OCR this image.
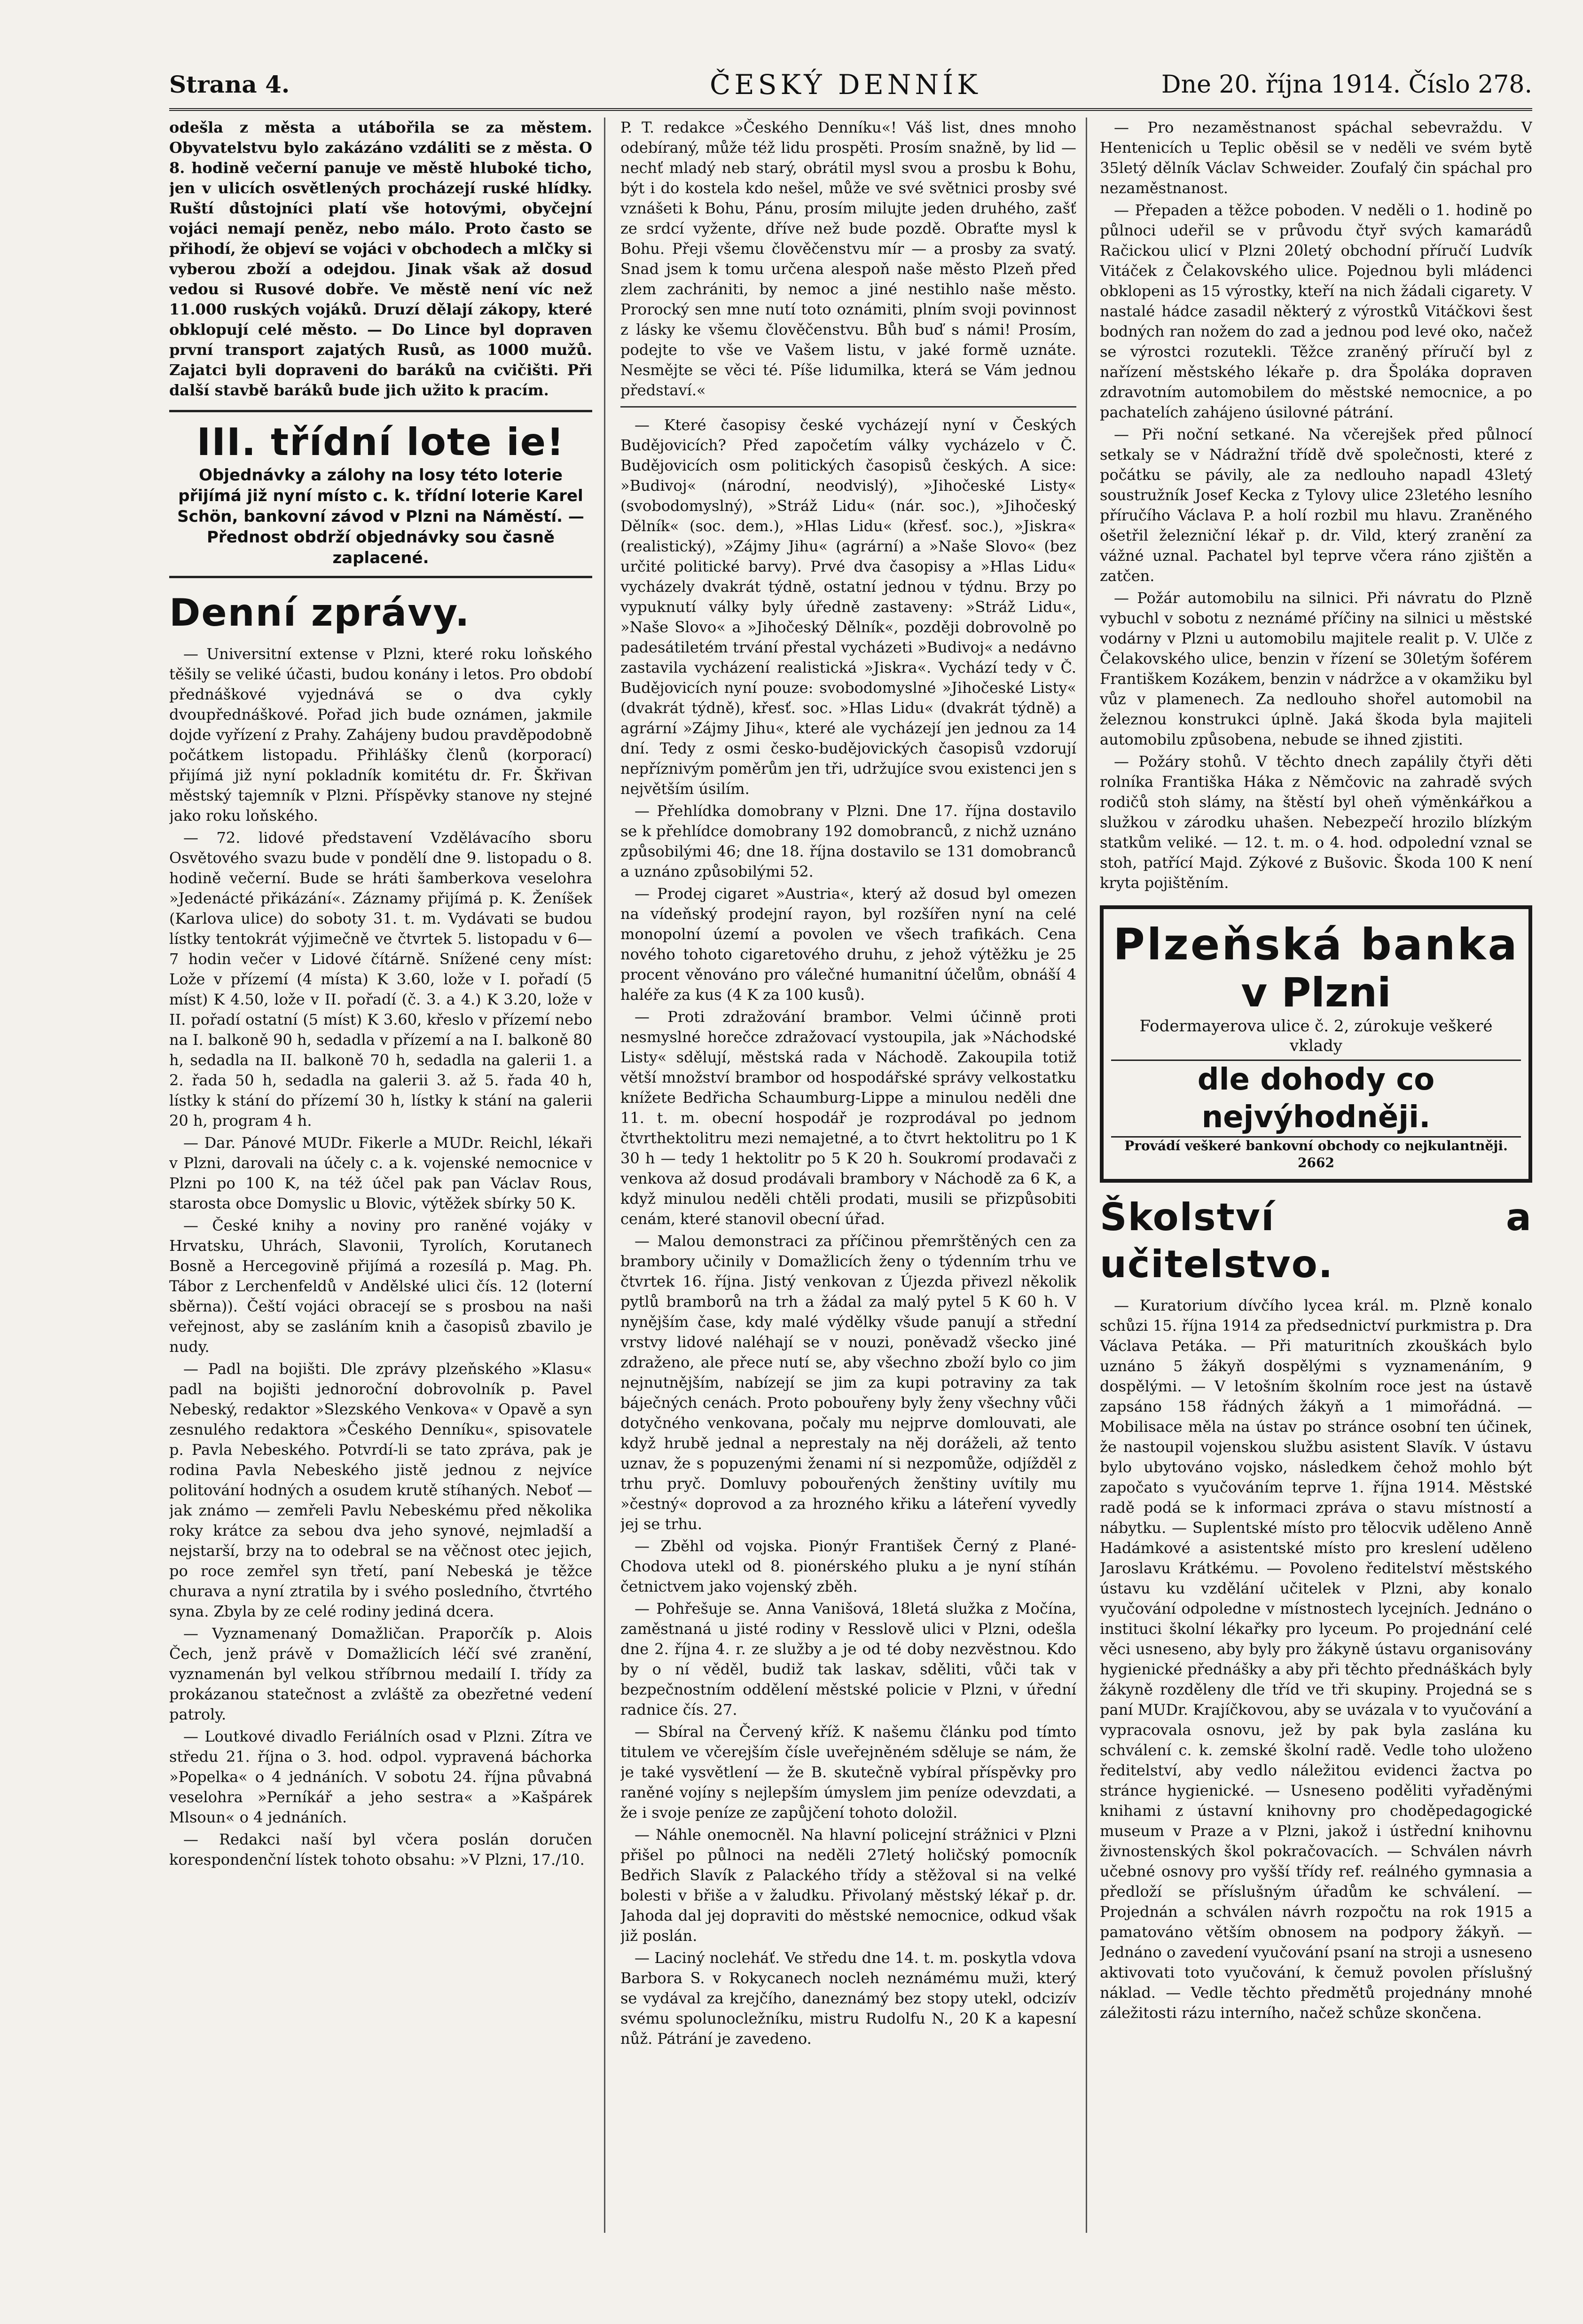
Strana 4.	ČESKÝ DENNÍK	Dne 20. října 1914. Číslo 278.

odešla z města a utábořila se za městem. Obyvatelstvu bylo zakázáno vzdáliti se z města. O 8. hodině večerní panuje ve městě hluboké ticho, jen v ulicích osvětlených procházejí ruské hlídky. Ruští důstojníci platí vše hotovými, obyčejní vojáci nemají peněz, nebo málo. Proto často se přihodí, že objeví se vojáci v obchodech a mlčky si vyberou zboží a odejdou. Jinak však až dosud vedou si Rusové dobře. Ve městě není víc než 11.000 ruských vojáků. Druzí dělají zákopy, které obklopují celé město. — Do Lince byl dopraven první transport zajatých Rusů, as 1000 mužů. Zajatci byli dopraveni do baráků na cvičišti. Při další stavbě baráků bude jich užito k pracím.

III. třídní lote ie!
Objednávky a zálohy na losy této loterie přijímá již nyní místo c. k. třídní loterie Karel Schön, bankovní závod v Plzni na Náměstí. — Přednost obdrží objednávky sou časně zaplacené.
Denní zprávy.

— Universitní extense v Plzni, které roku loňského těšily se veliké účasti, budou konány i letos. Pro období přednáškové vyjednává se o dva cykly dvoupřednáškové. Pořad jich bude oznámen, jakmile dojde vyřízení z Prahy. Zahájeny budou pravděpodobně počátkem listopadu. Přihlášky členů (korporací) přijímá již nyní pokladník komitétu dr. Fr. Škřivan městský tajemník v Plzni. Příspěvky stanove ny stejné jako roku loňského.

— 72. lidové představení Vzdělávacího sboru Osvětového svazu bude v pondělí dne 9. listopadu o 8. hodině večerní. Bude se hráti šamberkova veselohra »Jedenácté přikázání«. Záznamy přijímá p. K. Ženíšek (Karlova ulice) do soboty 31. t. m. Vydávati se budou lístky tentokrát výjimečně ve čtvrtek 5. listopadu v 6—7 hodin večer v Lidové čítárně. Snížené ceny míst: Lože v přízemí (4 místa) K 3.60, lože v I. pořadí (5 míst) K 4.50, lože v II. pořadí (č. 3. a 4.) K 3.20, lože v II. pořadí ostatní (5 míst) K 3.60, křeslo v přízemí nebo na I. balkoně 90 h, sedadla v přízemí a na I. balkoně 80 h, sedadla na II. balkoně 70 h, sedadla na galerii 1. a 2. řada 50 h, sedadla na galerii 3. až 5. řada 40 h, lístky k stání do přízemí 30 h, lístky k stání na galerii 20 h, program 4 h.

— Dar. Pánové MUDr. Fikerle a MUDr. Reichl, lékaři v Plzni, darovali na účely c. a k. vojenské nemocnice v Plzni po 100 K, na též účel pak pan Václav Rous, starosta obce Domyslic u Blovic, výtěžek sbírky 50 K.

— České knihy a noviny pro raněné vojáky v Hrvatsku, Uhrách, Slavonii, Tyrolích, Korutanech Bosně a Hercegovině přijímá a rozesílá p. Mag. Ph. Tábor z Lerchenfeldů v Andělské ulici čís. 12 (loterní sběrna)). Čeští vojáci obracejí se s prosbou na naši veřejnost, aby se zasláním knih a časopisů zbavilo je nudy.

— Padl na bojišti. Dle zprávy plzeňského »Klasu« padl na bojišti jednoroční dobrovolník p. Pavel Nebeský, redaktor »Slezského Venkova« v Opavě a syn zesnulého redaktora »Českého Denníku«, spisovatele p. Pavla Nebeského. Potvrdí-li se tato zpráva, pak je rodina Pavla Nebeského jistě jednou z nejvíce politování hodných a osudem krutě stíhaných. Neboť — jak známo — zemřeli Pavlu Nebeskému před několika roky krátce za sebou dva jeho synové, nejmladší a nejstarší, brzy na to odebral se na věčnost otec jejich, po roce zemřel syn třetí, paní Nebeská je těžce churava a nyní ztratila by i svého posledního, čtvrtého syna. Zbyla by ze celé rodiny jediná dcera.

— Vyznamenaný Domažličan. Praporčík p. Alois Čech, jenž právě v Domažlicích léčí své zranění, vyznamenán byl velkou stříbrnou medailí I. třídy za prokázanou statečnost a zvláště za obezřetné vedení patroly.

— Loutkové divadlo Feriálních osad v Plzni. Zítra ve středu 21. října o 3. hod. odpol. vypravená báchorka »Popelka« o 4 jednáních. V sobotu 24. října půvabná veselohra »Perníkář a jeho sestra« a »Kašpárek Mlsoun« o 4 jednáních.

— Redakci naší byl včera poslán doručen korespondenční lístek tohoto obsahu: »V Plzni, 17./10.

P. T. redakce »Českého Denníku«! Váš list, dnes mnoho odebíraný, může též lidu prospěti. Prosím snažně, by lid — nechť mladý neb starý, obrátil mysl svou a prosbu k Bohu, být i do kostela kdo nešel, může ve své světnici prosby své vznášeti k Bohu, Pánu, prosím milujte jeden druhého, zašť ze srdcí vyžente, dříve než bude pozdě. Obraťte mysl k Bohu. Přeji všemu člověčenstvu mír — a prosby za svatý. Snad jsem k tomu určena alespoň naše město Plzeň před zlem zachrániti, by nemoc a jiné nestihlo naše město. Prorocký sen mne nutí toto oznámiti, plním svoji povinnost z lásky ke všemu člověčenstvu. Bůh buď s námi! Prosím, podejte to vše ve Vašem listu, v jaké formě uznáte. Nesmějte se věci té. Píše lidumilka, která se Vám jednou představí.«

— Které časopisy české vycházejí nyní v Českých Budějovicích? Před započetím války vycházelo v Č. Budějovicích osm politických časopisů českých. A sice: »Budivoj« (národní, neodvislý), »Jihočeské Listy« (svobodomyslný), »Stráž Lidu« (nár. soc.), »Jihočeský Dělník« (soc. dem.), »Hlas Lidu« (křesť. soc.), »Jiskra« (realistický), »Zájmy Jihu« (agrární) a »Naše Slovo« (bez určité politické barvy). Prvé dva časopisy a »Hlas Lidu« vycházely dvakrát týdně, ostatní jednou v týdnu. Brzy po vypuknutí války byly úředně zastaveny: »Stráž Lidu«, »Naše Slovo« a »Jihočeský Dělník«, později dobrovolně po padesátiletém trvání přestal vycházeti »Budivoj« a nedávno zastavila vycházení realistická »Jiskra«. Vychází tedy v Č. Budějovicích nyní pouze: svobodomyslné »Jihočeské Listy« (dvakrát týdně), křesť. soc. »Hlas Lidu« (dvakrát týdně) a agrární »Zájmy Jihu«, které ale vycházejí jen jednou za 14 dní. Tedy z osmi česko-budějovických časopisů vzdorují nepříznivým poměrům jen tři, udržujíce svou existenci jen s největším úsilím.

— Přehlídka domobrany v Plzni. Dne 17. října dostavilo se k přehlídce domobrany 192 domobranců, z nichž uznáno způsobilými 46; dne 18. října dostavilo se 131 domobranců a uznáno způsobilými 52.

— Prodej cigaret »Austria«, který až dosud byl omezen na vídeňský prodejní rayon, byl rozšířen nyní na celé monopolní území a povolen ve všech trafikách. Cena nového tohoto cigaretového druhu, z jehož výtěžku je 25 procent věnováno pro válečné humanitní účelům, obnáší 4 haléře za kus (4 K za 100 kusů).

— Proti zdražování brambor. Velmi účinně proti nesmyslné horečce zdražovací vystoupila, jak »Náchodské Listy« sdělují, městská rada v Náchodě. Zakoupila totiž větší množství brambor od hospodářské správy velkostatku knížete Bedřicha Schaumburg-Lippe a minulou neděli dne 11. t. m. obecní hospodář je rozprodával po jednom čtvrthektolitru mezi nemajetné, a to čtvrt hektolitru po 1 K 30 h — tedy 1 hektolitr po 5 K 20 h. Soukromí prodavači z venkova až dosud prodávali brambory v Náchodě za 6 K, a když minulou neděli chtěli prodati, musili se přizpůsobiti cenám, které stanovil obecní úřad.

— Malou demonstraci za příčinou přemrštěných cen za brambory učinily v Domažlicích ženy o týdenním trhu ve čtvrtek 16. října. Jistý venkovan z Újezda přivezl několik pytlů bramborů na trh a žádal za malý pytel 5 K 60 h. V nynějším čase, kdy malé výdělky všude panují a střední vrstvy lidové naléhají se v nouzi, poněvadž všecko jiné zdraženo, ale přece nutí se, aby všechno zboží bylo co jim nejnutnějším, nabízejí se jim za kupi potraviny za tak báječných cenách. Proto pobouřeny byly ženy všechny vůči dotyčného venkovana, počaly mu nejprve domlouvati, ale když hrubě jednal a neprestaly na něj doráželi, až tento uznav, že s popuzenými ženami ní si nezpomůže, odjížděl z trhu pryč. Domluvy pobouřených ženštiny uvítily mu »čestný« doprovod a za hrozného křiku a láteření vyvedly jej se trhu.

— Zběhl od vojska. Pionýr František Černý z Plané-Chodova utekl od 8. pionérského pluku a je nyní stíhán četnictvem jako vojenský zběh.

— Pohřešuje se. Anna Vanišová, 18letá služka z Močína, zaměstnaná u jisté rodiny v Resslově ulici v Plzni, odešla dne 2. října 4. r. ze služby a je od té doby nezvěstnou. Kdo by o ní věděl, budiž tak laskav, sděliti, vůči tak v bezpečnostním oddělení městské policie v Plzni, v úřední radnice čís. 27.

— Sbíral na Červený kříž. K našemu článku pod tímto titulem ve včerejším čísle uveřejněném sděluje se nám, že je také vysvětlení — že B. skutečně vybíral příspěvky pro raněné vojíny s nejlepším úmyslem jim peníze odevzdati, a že i svoje peníze ze zapůjčení tohoto doložil.

— Náhle onemocněl. Na hlavní policejní strážnici v Plzni přišel po půlnoci na neděli 27letý holičský pomocník Bedřich Slavík z Palackého třídy a stěžoval si na velké bolesti v břiše a v žaludku. Přivolaný městský lékař p. dr. Jahoda dal jej dopraviti do městské nemocnice, odkud však již poslán.

— Laciný nocleháť. Ve středu dne 14. t. m. poskytla vdova Barbora S. v Rokycanech nocleh neznámému muži, který se vydával za krejčího, daneznámý bez stopy utekl, odcizív svému spolunocležníku, mistru Rudolfu N., 20 K a kapesní nůž. Pátrání je zavedeno.

— Pro nezaměstnanost spáchal sebevraždu. V Hentenicích u Teplic oběsil se v neděli ve svém bytě 35letý dělník Václav Schweider. Zoufalý čin spáchal pro nezaměstnanost.

— Přepaden a těžce poboden. V neděli o 1. hodině po půlnoci udeřil se v průvodu čtyř svých kamarádů Račickou ulicí v Plzni 20letý obchodní příručí Ludvík Vitáček z Čelakovského ulice. Pojednou byli mládenci obklopeni as 15 výrostky, kteří na nich žádali cigarety. V nastalé hádce zasadil některý z výrostků Vitáčkovi šest bodných ran nožem do zad a jednou pod levé oko, načež se výrostci rozutekli. Těžce zraněný příručí byl z nařízení městského lékaře p. dra Špoláka dopraven zdravotním automobilem do městské nemocnice, a po pachatelích zahájeno úsilovné pátrání.

— Při noční setkané. Na včerejšek před půlnocí setkaly se v Nádražní třídě dvě společnosti, které z počátku se pávily, ale za nedlouho napadl 43letý soustružník Josef Kecka z Tylovy ulice 23letého lesního příručího Václava P. a holí rozbil mu hlavu. Zraněného ošetřil železniční lékař p. dr. Vild, který zranění za vážné uznal. Pachatel byl teprve včera ráno zjištěn a zatčen.

— Požár automobilu na silnici. Při návratu do Plzně vybuchl v sobotu z neznámé příčiny na silnici u městské vodárny v Plzni u automobilu majitele realit p. V. Ulče z Čelakovského ulice, benzin v řízení se 30letým šoférem Františkem Kozákem, benzin v nádržce a v okamžiku byl vůz v plamenech. Za nedlouho shořel automobil na železnou konstrukci úplně. Jaká škoda byla majiteli automobilu způsobena, nebude se ihned zjistiti.

— Požáry stohů. V těchto dnech zapálily čtyři děti rolníka Františka Háka z Němčovic na zahradě svých rodičů stoh slámy, na štěstí byl oheň výměnkářkou a služkou v zárodku uhašen. Nebezpečí hrozilo blízkým statkům veliké. — 12. t. m. o 4. hod. odpolední vznal se stoh, patřící Majd. Zýkové z Bušovic. Škoda 100 K není kryta pojištěním.

Plzeňská banka
v Plzni
Fodermayerova ulice č. 2, zúrokuje veškeré vklady
dle dohody co nejvýhodněji.
Provádí veškeré bankovní obchody co nejkulantněji. 2662
Školství a učitelstvo.

— Kuratorium dívčího lycea král. m. Plzně konalo schůzi 15. října 1914 za předsednictví purkmistra p. Dra Václava Petáka. — Při maturitních zkouškách bylo uznáno 5 žákyň dospělými s vyznamenáním, 9 dospělými. — V letošním školním roce jest na ústavě zapsáno 158 řádných žákyň a 1 mimořádná. — Mobilisace měla na ústav po stránce osobní ten účinek, že nastoupil vojenskou službu asistent Slavík. V ústavu bylo ubytováno vojsko, následkem čehož mohlo být započato s vyučováním teprve 1. října 1914. Městské radě podá se k informaci zpráva o stavu místností a nábytku. — Suplentské místo pro tělocvik uděleno Anně Hadámkové a asistentské místo pro kreslení uděleno Jaroslavu Krátkému. — Povoleno ředitelství městského ústavu ku vzdělání učitelek v Plzni, aby konalo vyučování odpoledne v místnostech lycejních. Jednáno o instituci školní lékařky pro lyceum. Po projednání celé věci usneseno, aby byly pro žákyně ústavu organisovány hygienické přednášky a aby při těchto přednáškách byly žákyně rozděleny dle tříd ve tři skupiny. Projedná se s paní MUDr. Krajíčkovou, aby se uvázala v to vyučování a vypracovala osnovu, jež by pak byla zaslána ku schválení c. k. zemské školní radě. Vedle toho uloženo ředitelství, aby vedlo náležitou evidenci žactva po stránce hygienické. — Usneseno poděliti vyřaděnými knihami z ústavní knihovny pro choděpedagogické museum v Praze a v Plzni, jakož i ústřední knihovnu živnostenských škol pokračovacích. — Schválen návrh učebné osnovy pro vyšší třídy ref. reálného gymnasia a předloží se příslušným úřadům ke schválení. — Projednán a schválen návrh rozpočtu na rok 1915 a pamatováno větším obnosem na podpory žákyň. — Jednáno o zavedení vyučování psaní na stroji a usneseno aktivovati toto vyučování, k čemuž povolen příslušný náklad. — Vedle těchto předmětů projednány mnohé záležitosti rázu interního, načež schůze skončena.
